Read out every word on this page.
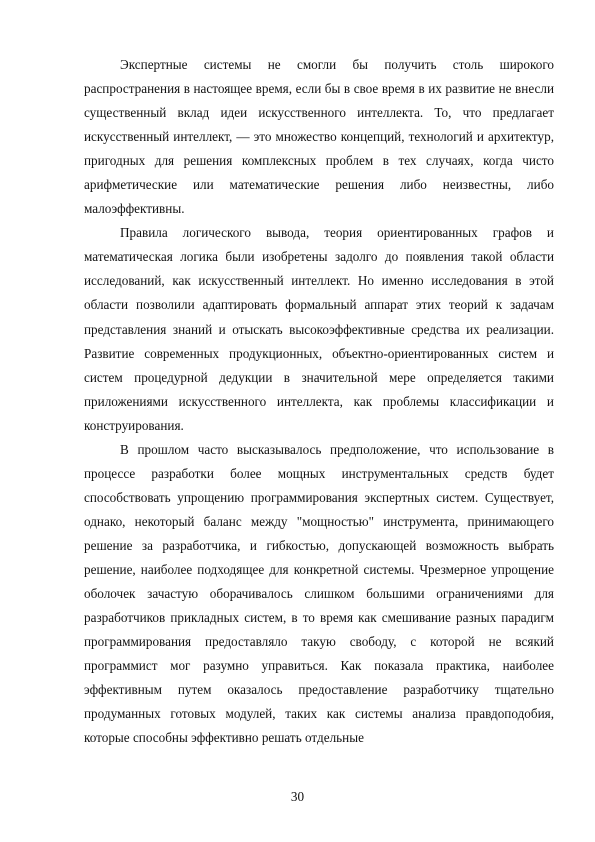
Экспертные системы не смогли бы получить столь широкого распространения в настоящее время, если бы в свое время в их развитие не внесли существенный вклад идеи искусственного интеллекта. То, что предлагает искусственный интеллект, — это множество концепций, технологий и архитектур, пригодных для решения комплексных проблем в тех случаях, когда чисто арифметические или математические решения либо неизвестны, либо малоэффективны.

Правила логического вывода, теория ориентированных графов и математическая логика были изобретены задолго до появления такой области исследований, как искусственный интеллект. Но именно исследования в этой области позволили адаптировать формальный аппарат этих теорий к задачам представления знаний и отыскать высокоэффективные средства их реализации. Развитие современных продукционных, объектно-ориентированных систем и систем процедурной дедукции в значительной мере определяется такими приложениями искусственного интеллекта, как проблемы классификации и конструирования.

В прошлом часто высказывалось предположение, что использование в процессе разработки более мощных инструментальных средств будет способствовать упрощению программирования экспертных систем. Существует, однако, некоторый баланс между "мощностью" инструмента, принимающего решение за разработчика, и гибкостью, допускающей возможность выбрать решение, наиболее подходящее для конкретной системы. Чрезмерное упрощение оболочек зачастую оборачивалось слишком большими ограничениями для разработчиков прикладных систем, в то время как смешивание разных парадигм программирования предоставляло такую свободу, с которой не всякий программист мог разумно управиться. Как показала практика, наиболее эффективным путем оказалось предоставление разработчику тщательно продуманных готовых модулей, таких как системы анализа правдоподобия, которые способны эффективно решать отдельные

30
